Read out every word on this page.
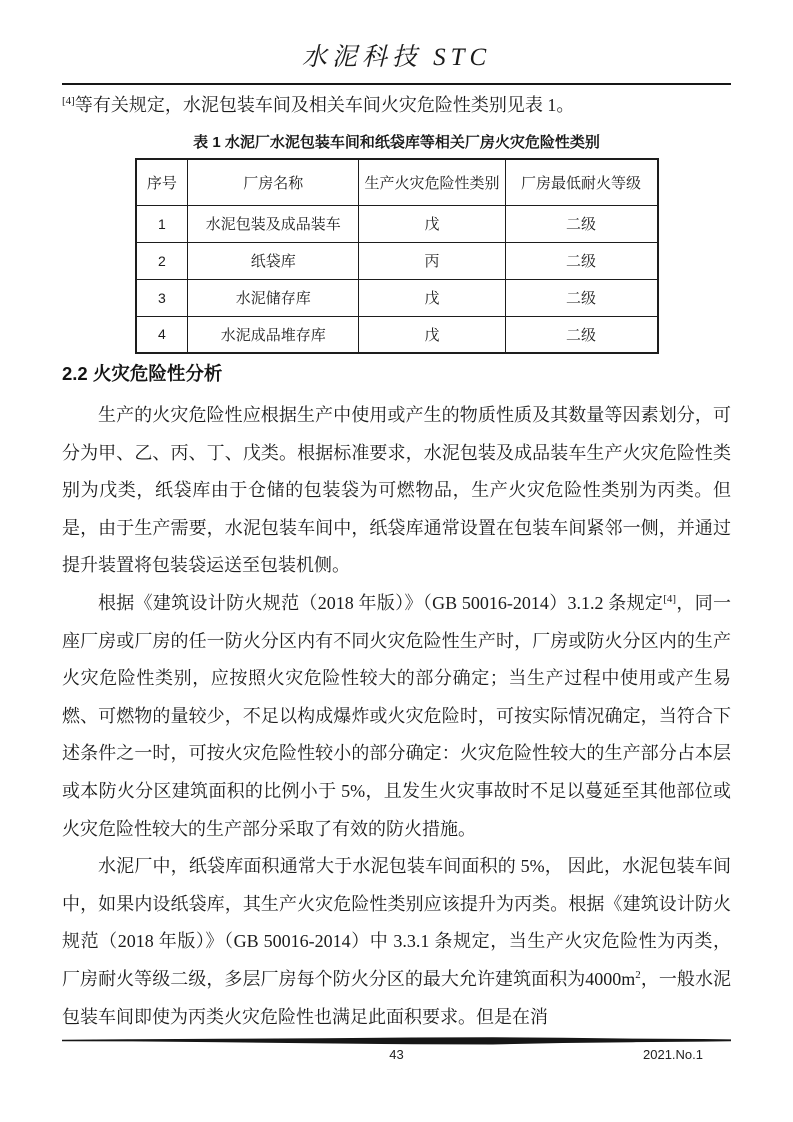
水泥科技 STC

[4]等有关规定，水泥包装车间及相关车间火灾危险性类别见表 1。

表 1 水泥厂水泥包装车间和纸袋库等相关厂房火灾危险性类别
序号	厂房名称	生产火灾危险性类别	厂房最低耐火等级
1	水泥包装及成品装车	戊	二级
2	纸袋库	丙	二级
3	水泥储存库	戊	二级
4	水泥成品堆存库	戊	二级
2.2 火灾危险性分析

生产的火灾危险性应根据生产中使用或产生的物质性质及其数量等因素划分，可分为甲、乙、丙、丁、戊类。根据标准要求，水泥包装及成品装车生产火灾危险性类别为戊类，纸袋库由于仓储的包装袋为可燃物品，生产火灾危险性类别为丙类。但是，由于生产需要，水泥包装车间中，纸袋库通常设置在包装车间紧邻一侧，并通过提升装置将包装袋运送至包装机侧。

根据《建筑设计防火规范（2018 年版）》（GB 50016-2014）3.1.2 条规定[4]，同一座厂房或厂房的任一防火分区内有不同火灾危险性生产时，厂房或防火分区内的生产火灾危险性类别，应按照火灾危险性较大的部分确定；当生产过程中使用或产生易燃、可燃物的量较少，不足以构成爆炸或火灾危险时，可按实际情况确定，当符合下述条件之一时，可按火灾危险性较小的部分确定：火灾危险性较大的生产部分占本层或本防火分区建筑面积的比例小于 5%，且发生火灾事故时不足以蔓延至其他部位或火灾危险性较大的生产部分采取了有效的防火措施。

水泥厂中，纸袋库面积通常大于水泥包装车间面积的 5%， 因此，水泥包装车间中，如果内设纸袋库，其生产火灾危险性类别应该提升为丙类。根据《建筑设计防火规范（2018 年版）》（GB 50016-2014）中 3.3.1 条规定，当生产火灾危险性为丙类，厂房耐火等级二级，多层厂房每个防火分区的最大允许建筑面积为4000m$^2$，一般水泥包装车间即使为丙类火灾危险性也满足此面积要求。但是在消

43	2021.No.1
